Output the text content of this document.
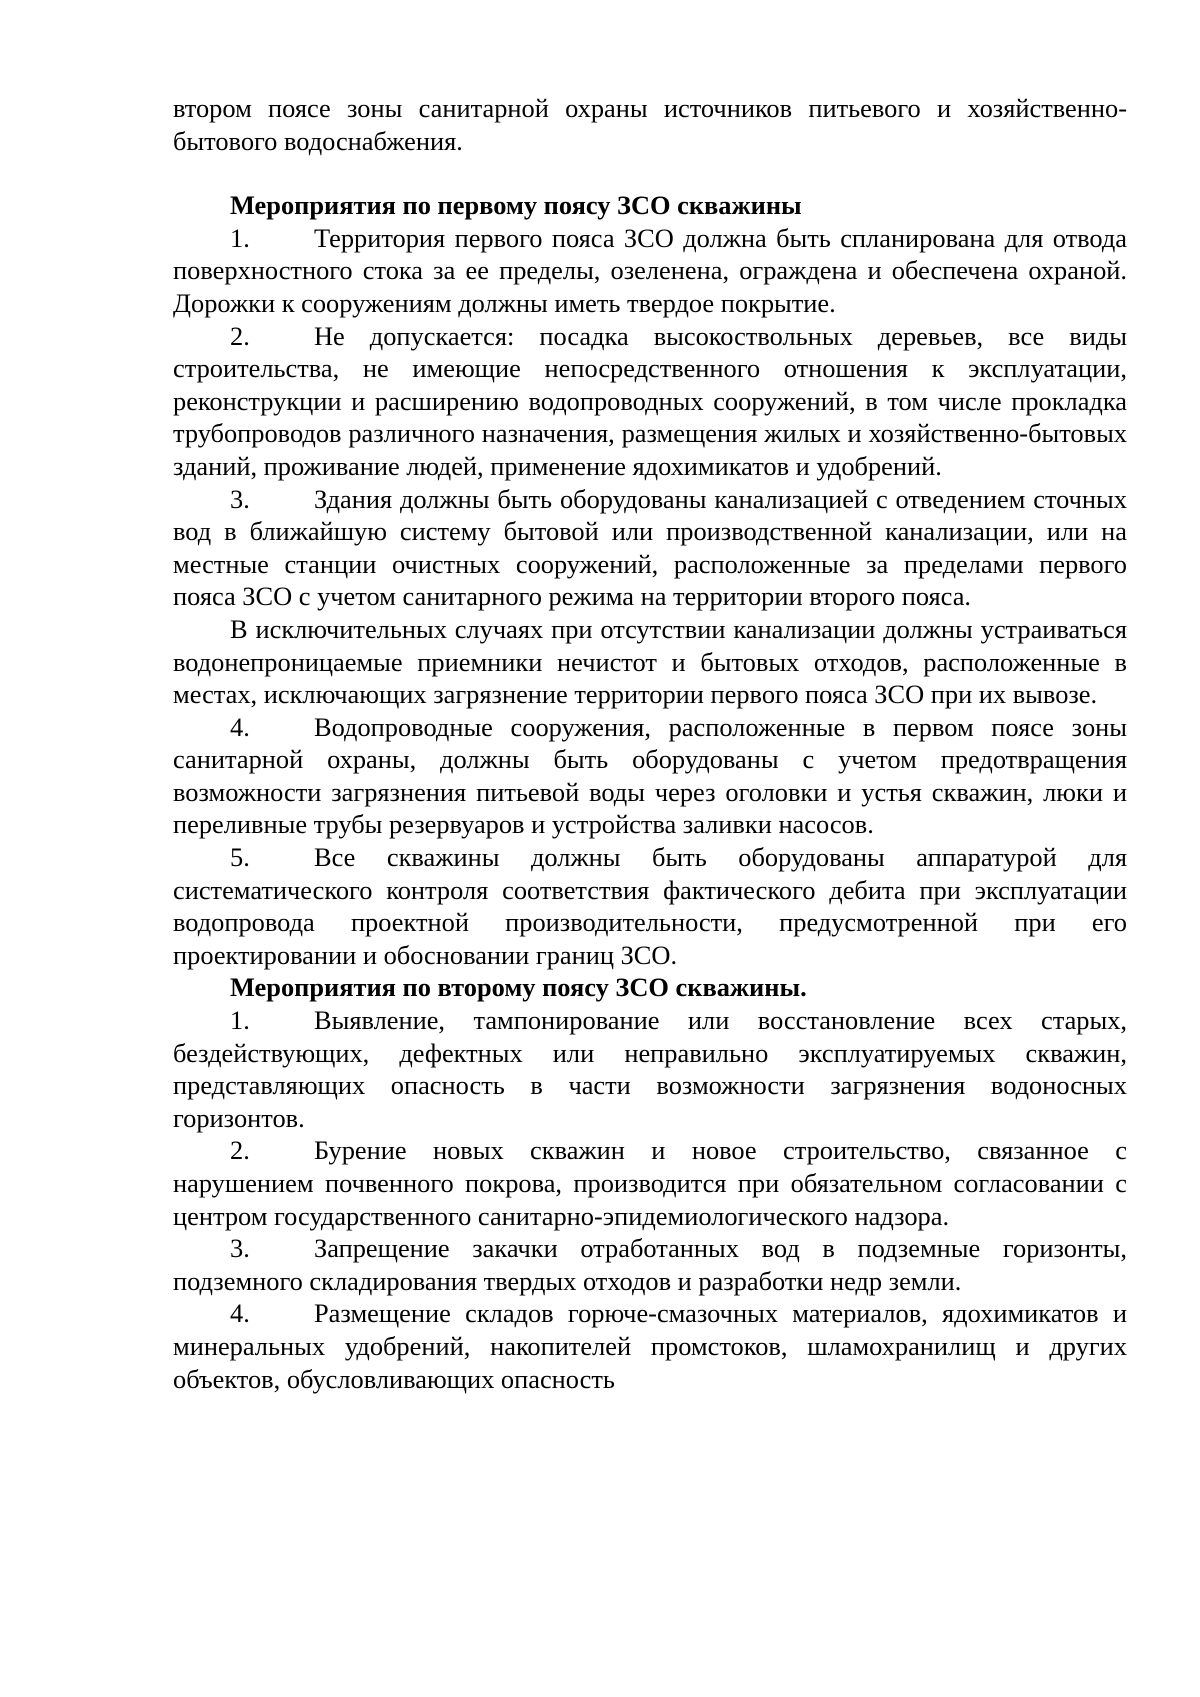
втором поясе зоны санитарной охраны источников питьевого и хозяйственно-бытового водоснабжения.

Мероприятия по первому поясу ЗСО скважины

1. Территория первого пояса ЗСО должна быть спланирована для отвода поверхностного стока за ее пределы, озеленена, ограждена и обеспечена охраной. Дорожки к сооружениям должны иметь твердое покрытие.

2. Не допускается: посадка высокоствольных деревьев, все виды строительства, не имеющие непосредственного отношения к эксплуатации, реконструкции и расширению водопроводных сооружений, в том числе прокладка трубопроводов различного назначения, размещения жилых и хозяйственно-бытовых зданий, проживание людей, применение ядохимикатов и удобрений.

3. Здания должны быть оборудованы канализацией с отведением сточных вод в ближайшую систему бытовой или производственной канализации, или на местные станции очистных сооружений, расположенные за пределами первого пояса ЗСО с учетом санитарного режима на территории второго пояса.

В исключительных случаях при отсутствии канализации должны устраиваться водонепроницаемые приемники нечистот и бытовых отходов, расположенные в местах, исключающих загрязнение территории первого пояса ЗСО при их вывозе.

4. Водопроводные сооружения, расположенные в первом поясе зоны санитарной охраны, должны быть оборудованы с учетом предотвращения возможности загрязнения питьевой воды через оголовки и устья скважин, люки и переливные трубы резервуаров и устройства заливки насосов.

5. Все скважины должны быть оборудованы аппаратурой для систематического контроля соответствия фактического дебита при эксплуатации водопровода проектной производительности, предусмотренной при его проектировании и обосновании границ ЗСО.

Мероприятия по второму поясу ЗСО скважины.

1. Выявление, тампонирование или восстановление всех старых, бездействующих, дефектных или неправильно эксплуатируемых скважин, представляющих опасность в части возможности загрязнения водоносных горизонтов.

2. Бурение новых скважин и новое строительство, связанное с нарушением почвенного покрова, производится при обязательном согласовании с центром государственного санитарно-эпидемиологического надзора.

3. Запрещение закачки отработанных вод в подземные горизонты, подземного складирования твердых отходов и разработки недр земли.

4. Размещение складов горюче-смазочных материалов, ядохимикатов и минеральных удобрений, накопителей промстоков, шламохранилищ и других объектов, обусловливающих опасность
